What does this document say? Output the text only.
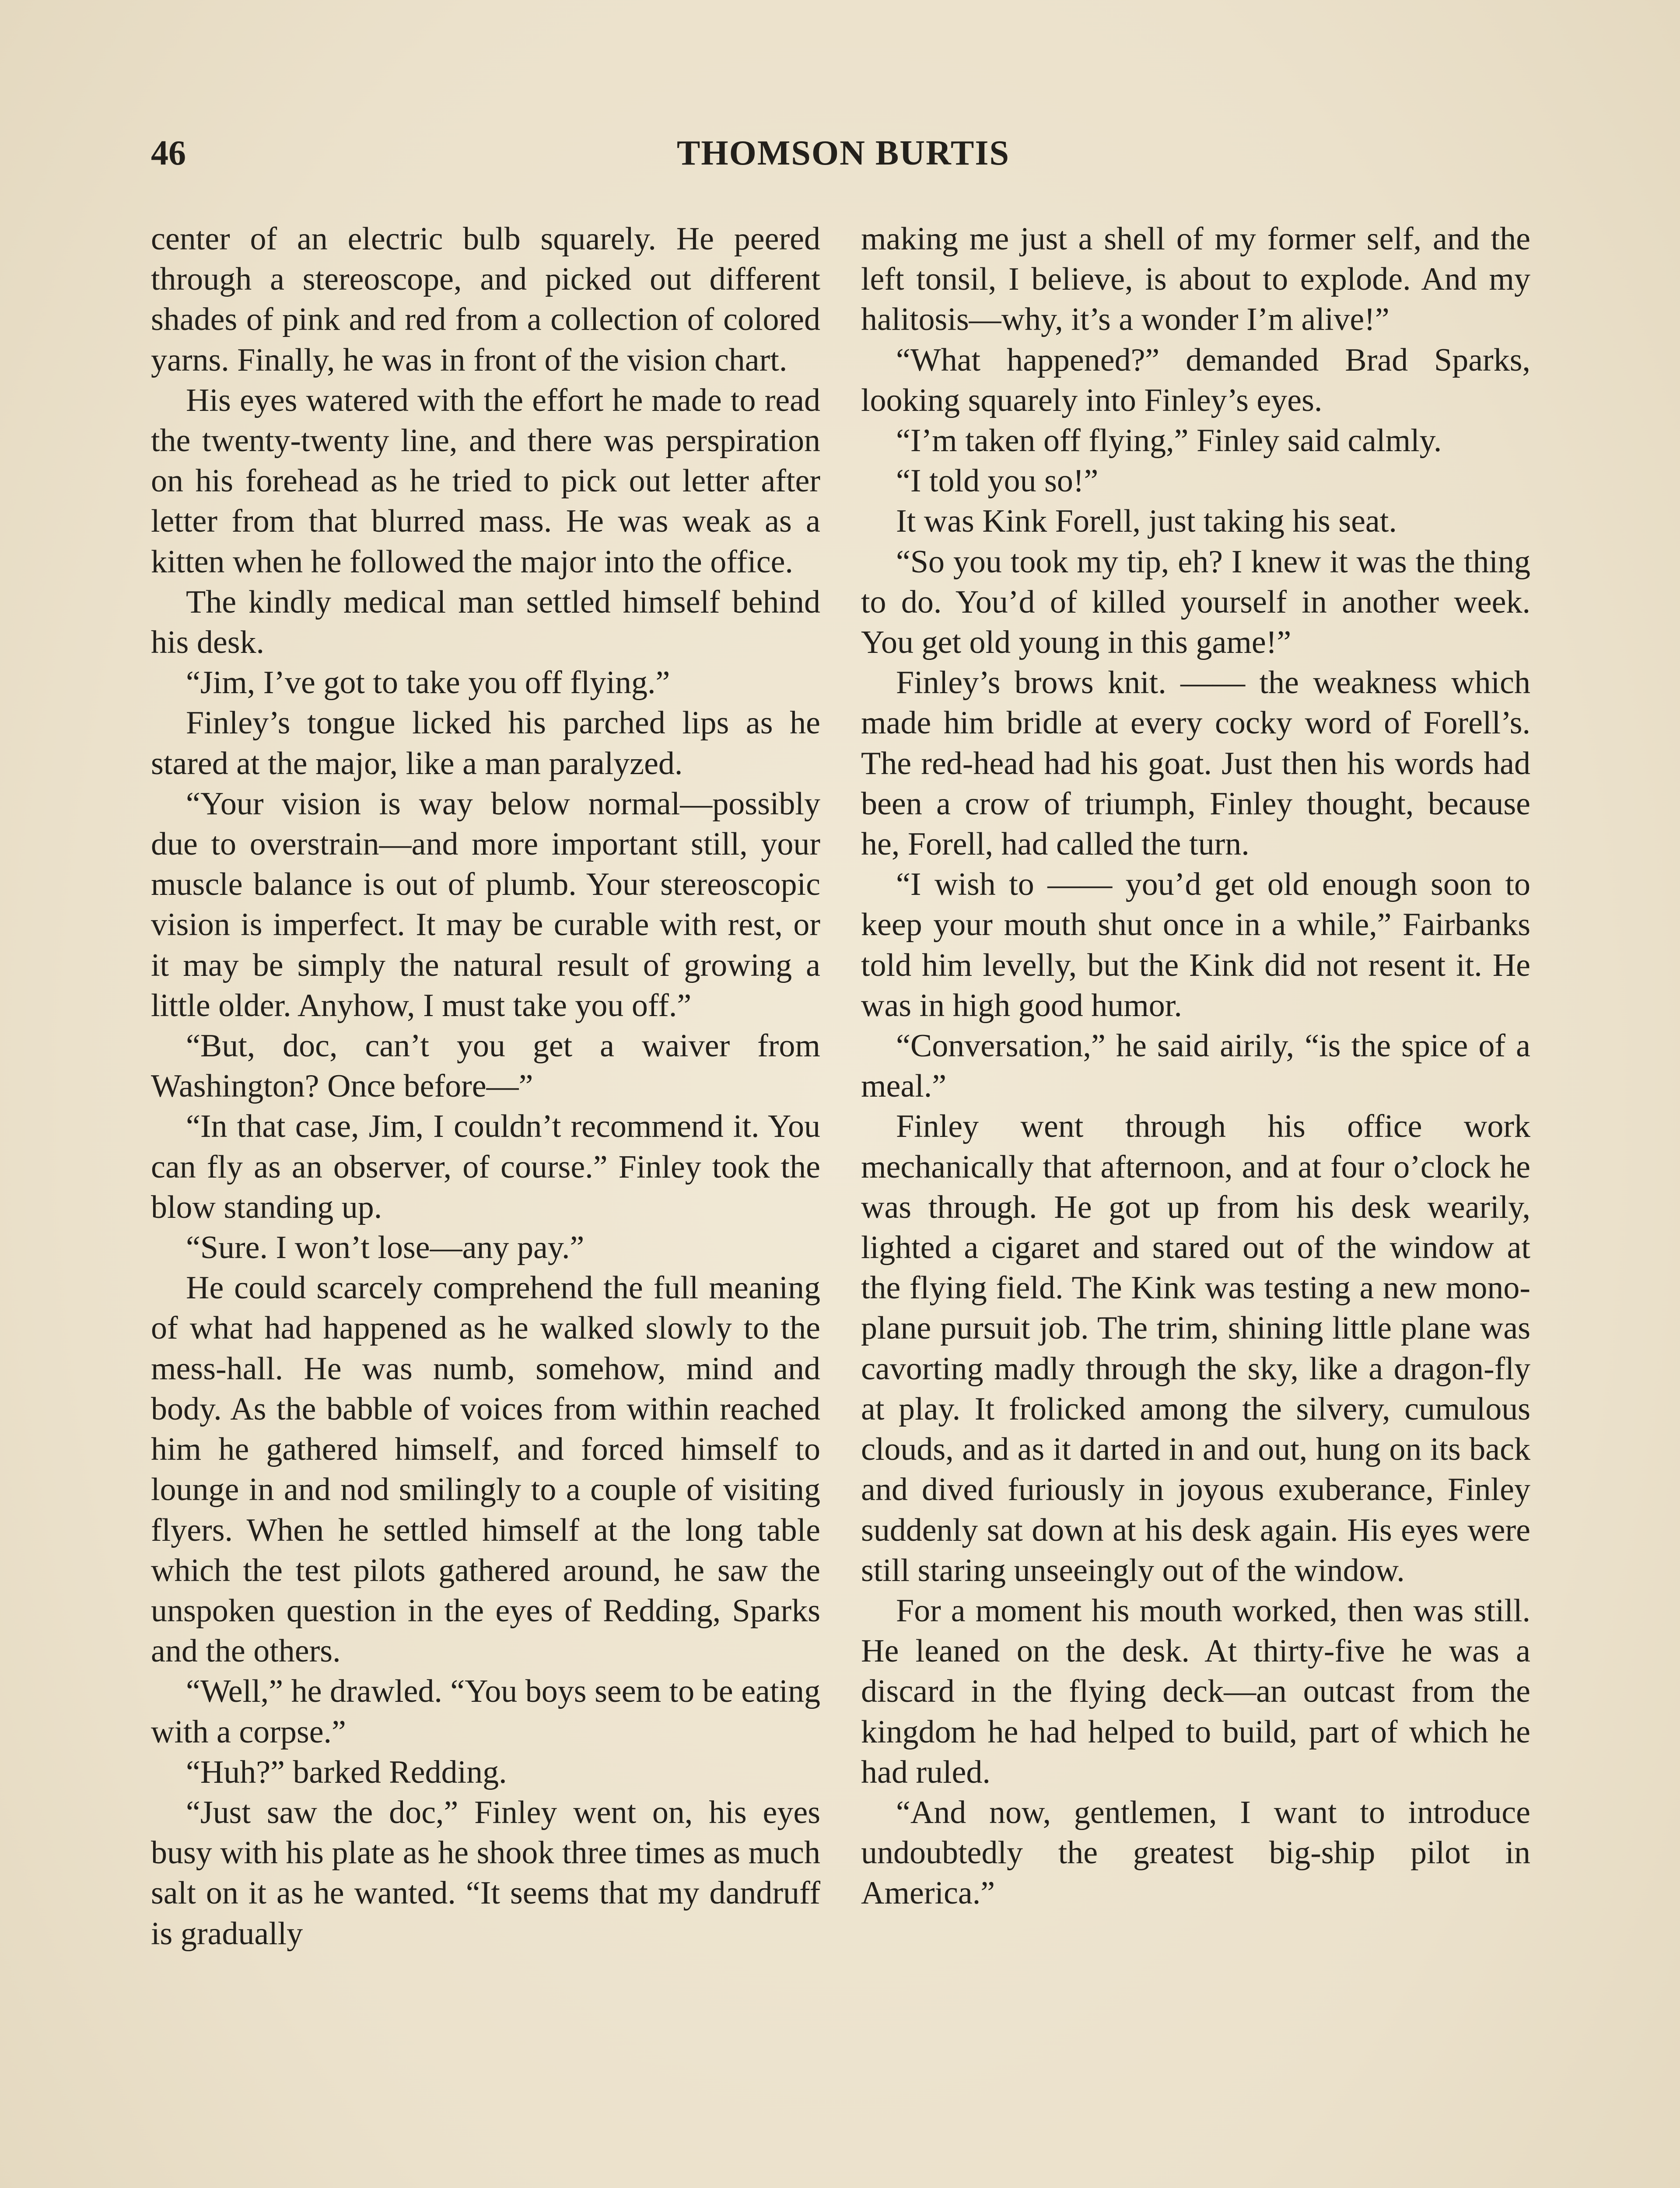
46	THOMSON BURTIS

center of an electric bulb squarely. He peered through a stereoscope, and picked out different shades of pink and red from a collection of colored yarns. Finally, he was in front of the vision chart.

His eyes watered with the effort he made to read the twenty-twenty line, and there was perspiration on his forehead as he tried to pick out letter after letter from that blurred mass. He was weak as a kitten when he followed the major into the office.

The kindly medical man settled himself behind his desk.

“Jim, I’ve got to take you off flying.”

Finley’s tongue licked his parched lips as he stared at the major, like a man paralyzed.

“Your vision is way below normal—possibly due to overstrain—and more important still, your muscle balance is out of plumb. Your stereoscopic vision is imperfect. It may be curable with rest, or it may be simply the natural result of growing a little older. Anyhow, I must take you off.”

“But, doc, can’t you get a waiver from Washington? Once before—”

“In that case, Jim, I couldn’t recommend it. You can fly as an observer, of course.” Finley took the blow standing up.

“Sure. I won’t lose—any pay.”

He could scarcely comprehend the full meaning of what had happened as he walked slowly to the mess-hall. He was numb, somehow, mind and body. As the babble of voices from within reached him he gathered himself, and forced himself to lounge in and nod smilingly to a couple of visiting flyers. When he settled himself at the long table which the test pilots gathered around, he saw the unspoken question in the eyes of Redding, Sparks and the others.

“Well,” he drawled. “You boys seem to be eating with a corpse.”

“Huh?” barked Redding.

“Just saw the doc,” Finley went on, his eyes busy with his plate as he shook three times as much salt on it as he wanted. “It seems that my dandruff is gradually

making me just a shell of my former self, and the left tonsil, I believe, is about to explode. And my halitosis—why, it’s a wonder I’m alive!”

“What happened?” demanded Brad Sparks, looking squarely into Finley’s eyes.

“I’m taken off flying,” Finley said calmly.

“I told you so!”

It was Kink Forell, just taking his seat.

“So you took my tip, eh? I knew it was the thing to do. You’d of killed yourself in another week. You get old young in this game!”

Finley’s brows knit. —— the weakness which made him bridle at every cocky word of Forell’s. The red-head had his goat. Just then his words had been a crow of triumph, Finley thought, because he, Forell, had called the turn.

“I wish to —— you’d get old enough soon to keep your mouth shut once in a while,” Fairbanks told him levelly, but the Kink did not resent it. He was in high good humor.

“Conversation,” he said airily, “is the spice of a meal.”

Finley went through his office work mechanically that afternoon, and at four o’clock he was through. He got up from his desk wearily, lighted a cigaret and stared out of the window at the flying field. The Kink was testing a new monoplane pursuit job. The trim, shining little plane was cavorting madly through the sky, like a dragon-fly at play. It frolicked among the silvery, cumulous clouds, and as it darted in and out, hung on its back and dived furiously in joyous exuberance, Finley suddenly sat down at his desk again. His eyes were still staring unseeingly out of the window.

For a moment his mouth worked, then was still. He leaned on the desk. At thirty-five he was a discard in the flying deck—an outcast from the kingdom he had helped to build, part of which he had ruled.

“And now, gentlemen, I want to introduce undoubtedly the greatest big-ship pilot in America.”
